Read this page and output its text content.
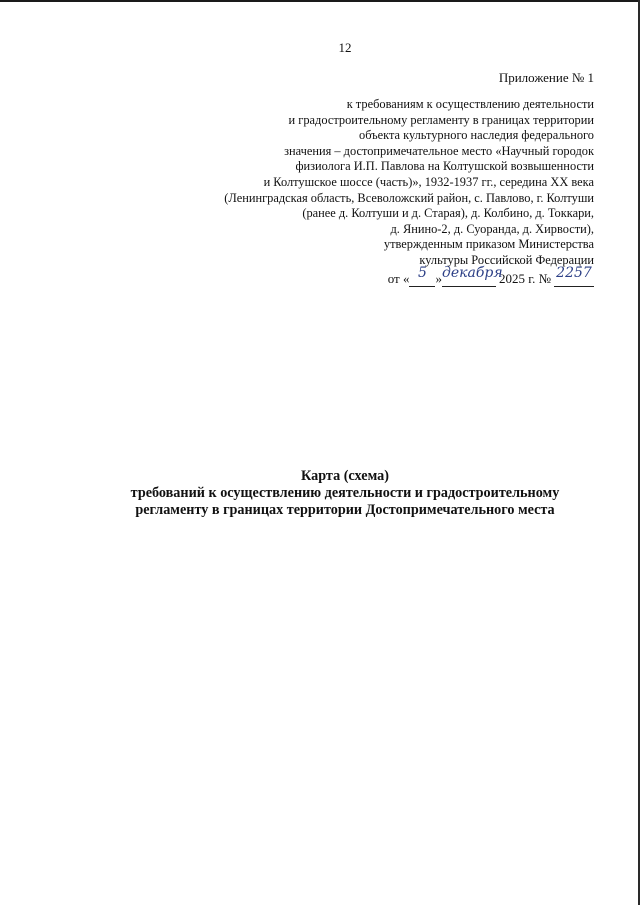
12
Приложение № 1
к требованиям к осуществлению деятельности
и градостроительному регламенту в границах территории
объекта культурного наследия федерального
значения – достопримечательное место «Научный городок
физиолога И.П. Павлова на Колтушской возвышенности
и Колтушское шоссе (часть)», 1932-1937 гг., середина XX века
(Ленинградская область, Всеволожский район, с. Павлово, г. Колтуши
(ранее д. Колтуши и д. Старая), д. Колбино, д. Токкари,
д. Янино-2, д. Суоранда, д. Хирвости),
утвержденным приказом Министерства
культуры Российской Федерации
от « 5 » декабря
2025 г. № 2257
Карта (схема)
требований к осуществлению деятельности и градостроительному
регламенту в границах территории Достопримечательного места
